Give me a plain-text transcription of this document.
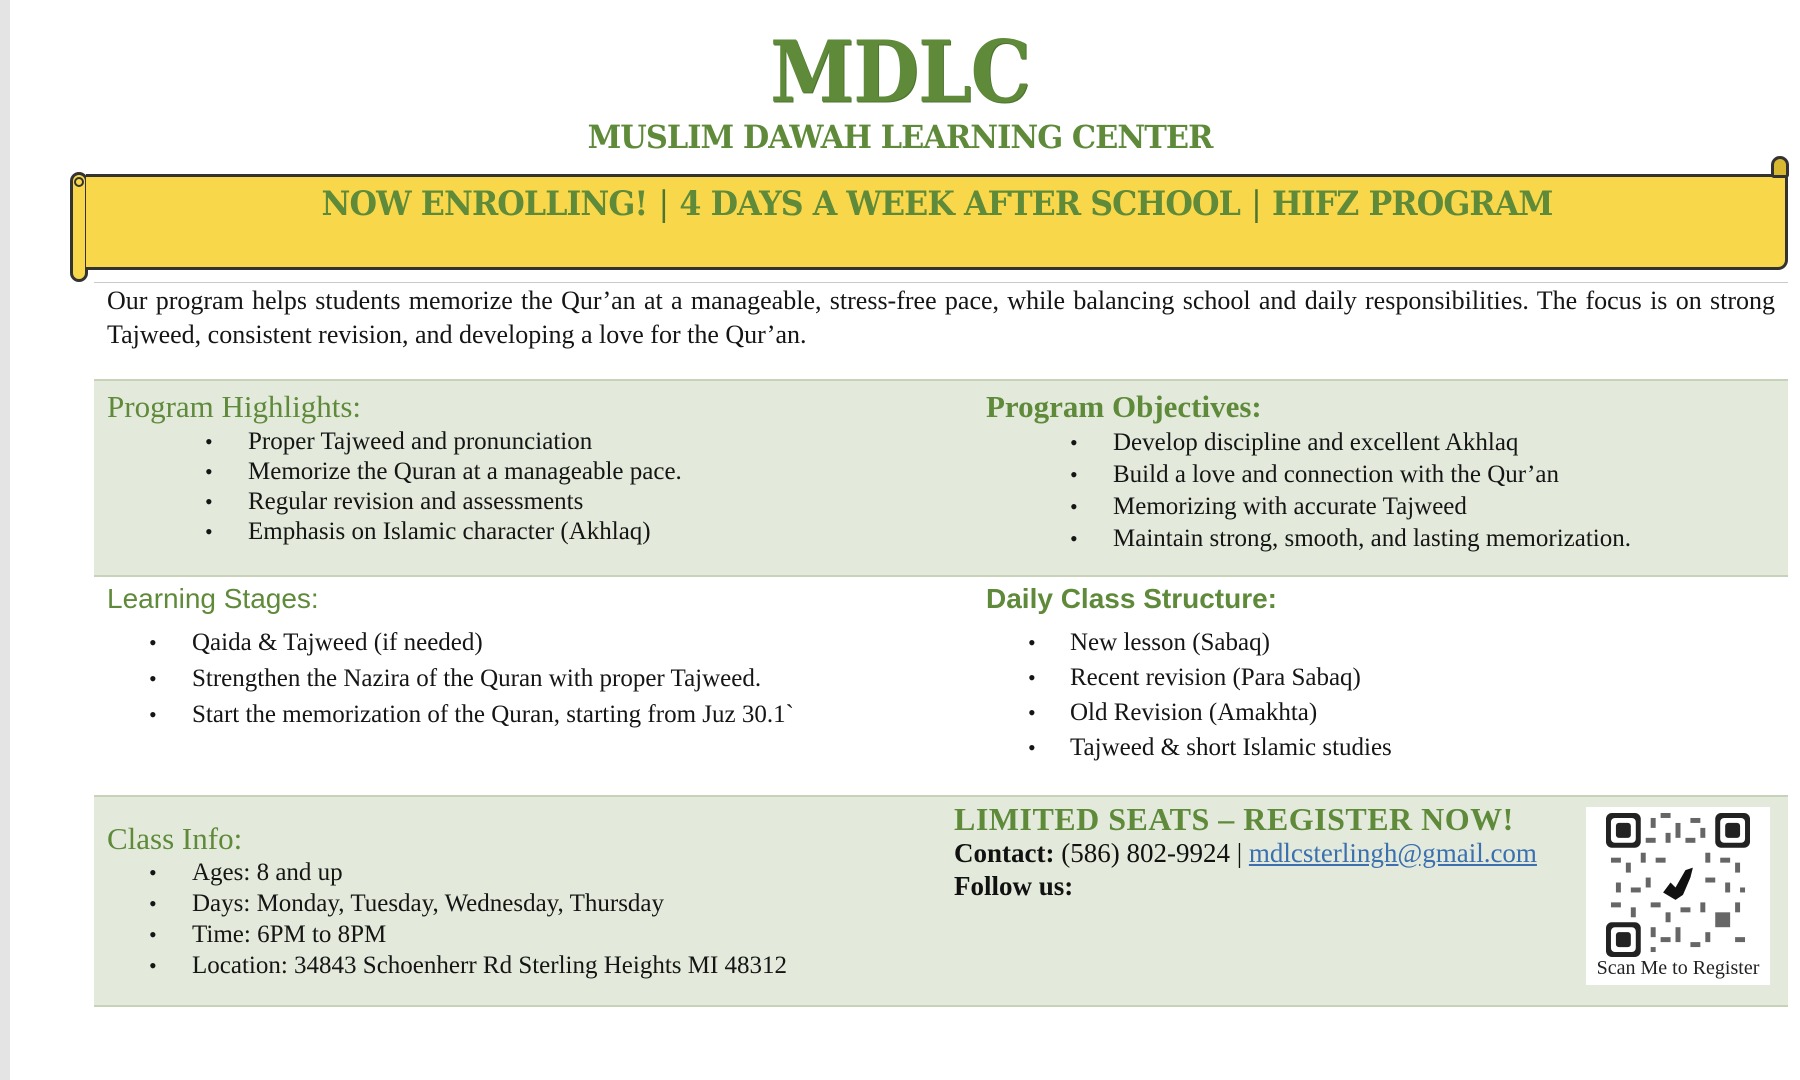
MDLC
MUSLIM DAWAH LEARNING CENTER
NOW ENROLLING! | 4 DAYS A WEEK AFTER SCHOOL | HIFZ PROGRAM
Our program helps students memorize the Qur’an at a manageable, stress-free pace, while balancing school and daily responsibilities. The focus is on strong Tajweed, consistent revision, and developing a love for the Qur’an.
Program Highlights:
• Proper Tajweed and pronunciation
• Memorize the Quran at a manageable pace.
• Regular revision and assessments
• Emphasis on Islamic character (Akhlaq)
Program Objectives:
• Develop discipline and excellent Akhlaq
• Build a love and connection with the Qur’an
• Memorizing with accurate Tajweed
• Maintain strong, smooth, and lasting memorization.
Learning Stages:
• Qaida & Tajweed (if needed)
• Strengthen the Nazira of the Quran with proper Tajweed.
• Start the memorization of the Quran, starting from Juz 30.1`
Daily Class Structure:
• New lesson (Sabaq)
• Recent revision (Para Sabaq)
• Old Revision (Amakhta)
• Tajweed & short Islamic studies
Class Info:
• Ages: 8 and up
• Days: Monday, Tuesday, Wednesday, Thursday
• Time: 6PM to 8PM
• Location: 34843 Schoenherr Rd Sterling Heights MI 48312
LIMITED SEATS – REGISTER NOW!
Contact: (586) 802-9924 | mdlcsterlingh@gmail.com
Follow us:
Scan Me to Register
